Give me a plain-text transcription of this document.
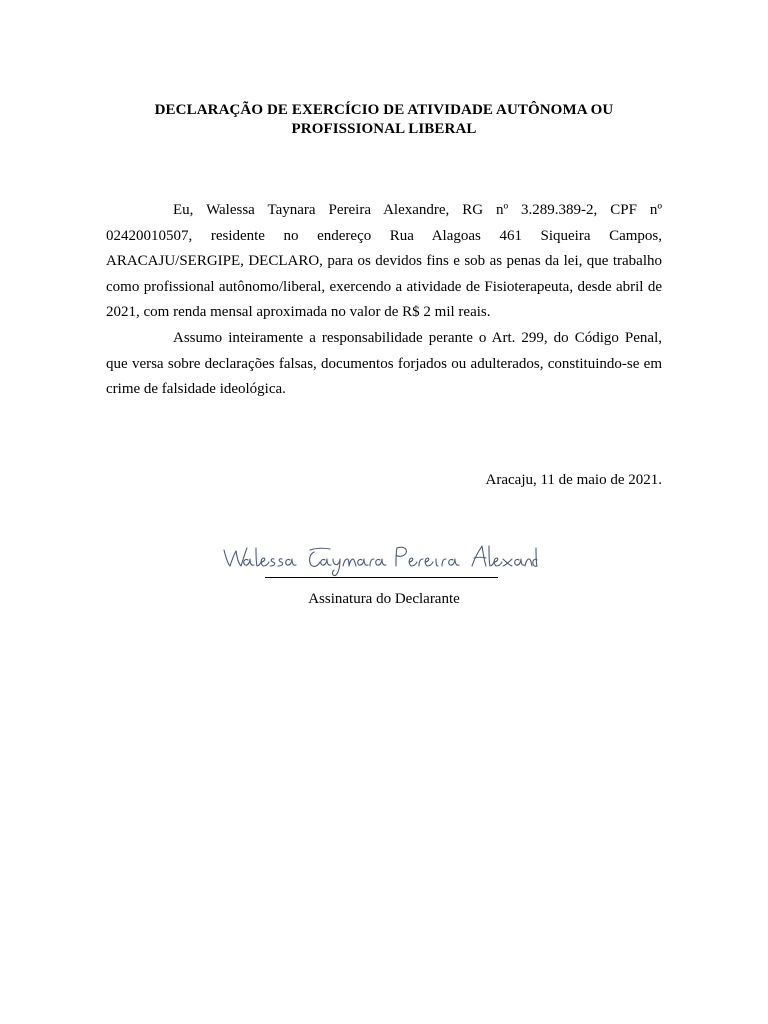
DECLARAÇÃO DE EXERCÍCIO DE ATIVIDADE AUTÔNOMA OU
PROFISSIONAL LIBERAL

Eu, Walessa Taynara Pereira Alexandre, RG nº 3.289.389-2, CPF nº 02420010507, residente no endereço Rua Alagoas 461 Siqueira Campos, ARACAJU/SERGIPE, DECLARO, para os devidos fins e sob as penas da lei, que trabalho como profissional autônomo/liberal, exercendo a atividade de Fisioterapeuta, desde abril de 2021, com renda mensal aproximada no valor de R$ 2 mil reais.

Assumo inteiramente a responsabilidade perante o Art. 299, do Código Penal, que versa sobre declarações falsas, documentos forjados ou adulterados, constituindo-se em crime de falsidade ideológica.

Aracaju, 11 de maio de 2021.
Assinatura do Declarante
